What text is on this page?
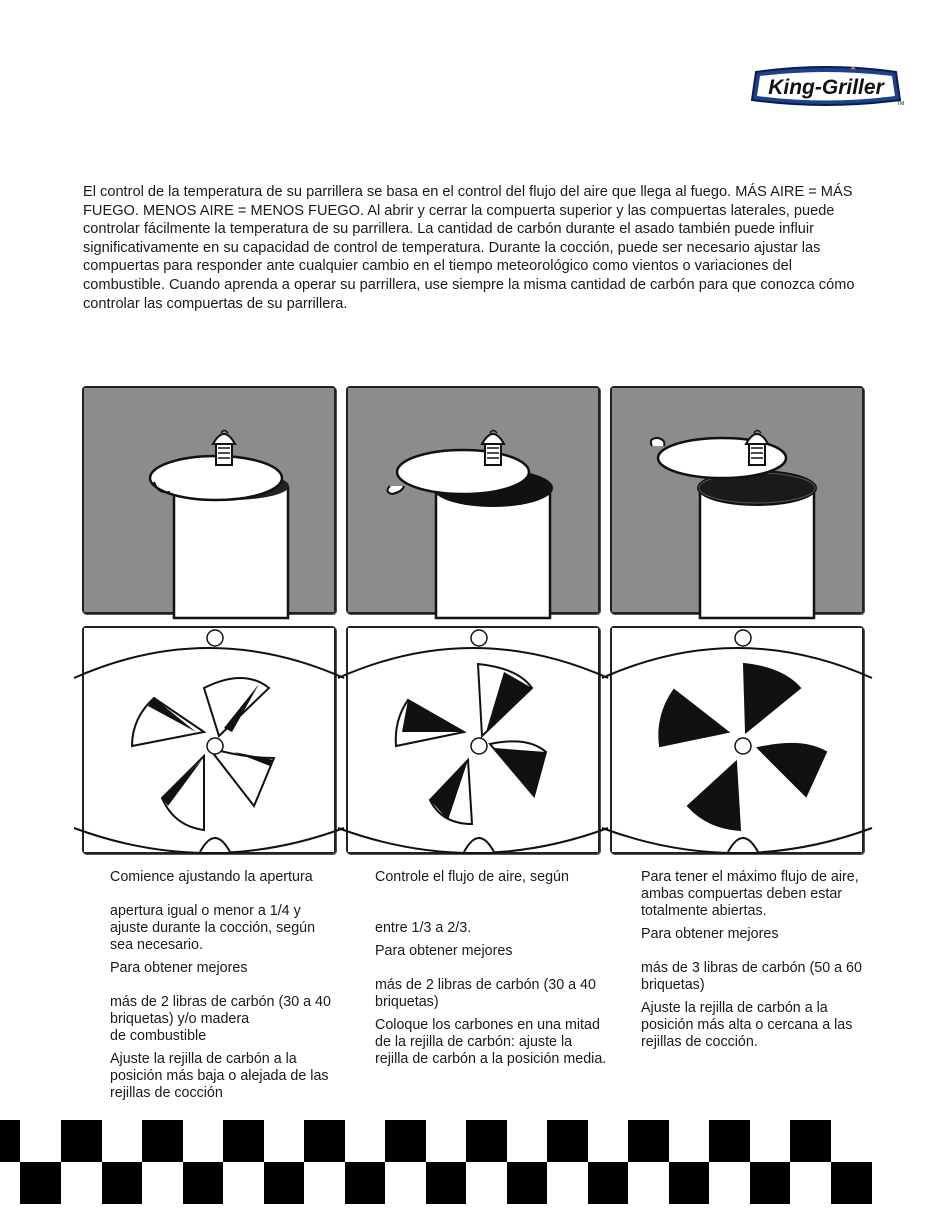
King-Griller
TM

El control de la temperatura de su parrillera se basa en el control del flujo del aire que llega al fuego. MÁS AIRE = MÁS FUEGO. MENOS AIRE = MENOS FUEGO. Al abrir y cerrar la compuerta superior y las compuertas laterales, puede controlar fácilmente la temperatura de su parrillera. La cantidad de carbón durante el asado también puede influir significativamente en su capacidad de control de temperatura. Durante la cocción, puede ser necesario ajustar las compuertas para responder ante cualquier cambio en el tiempo meteorológico como vientos o variaciones del combustible. Cuando aprenda a operar su parrillera, use siempre la misma cantidad de carbón para que conozca cómo controlar las compuertas de su parrillera.

Comience ajustando la apertura

apertura igual o menor a 1/4 y ajuste durante la cocción, según sea necesario.

Para obtener mejores

más de 2 libras de carbón (30 a 40 briquetas) y/o madera
de combustible

Ajuste la rejilla de carbón a la posición más baja o alejada de las rejillas de cocción

Controle el flujo de aire, según

entre 1/3 a 2/3.

Para obtener mejores

más de 2 libras de carbón (30 a 40 briquetas)

Coloque los carbones en una mitad de la rejilla de carbón: ajuste la rejilla de carbón a la posición media.

Para tener el máximo flujo de aire, ambas compuertas deben estar totalmente abiertas.

Para obtener mejores

más de 3 libras de carbón (50 a 60 briquetas)

Ajuste la rejilla de carbón a la posición más alta o cercana a las rejillas de cocción.
